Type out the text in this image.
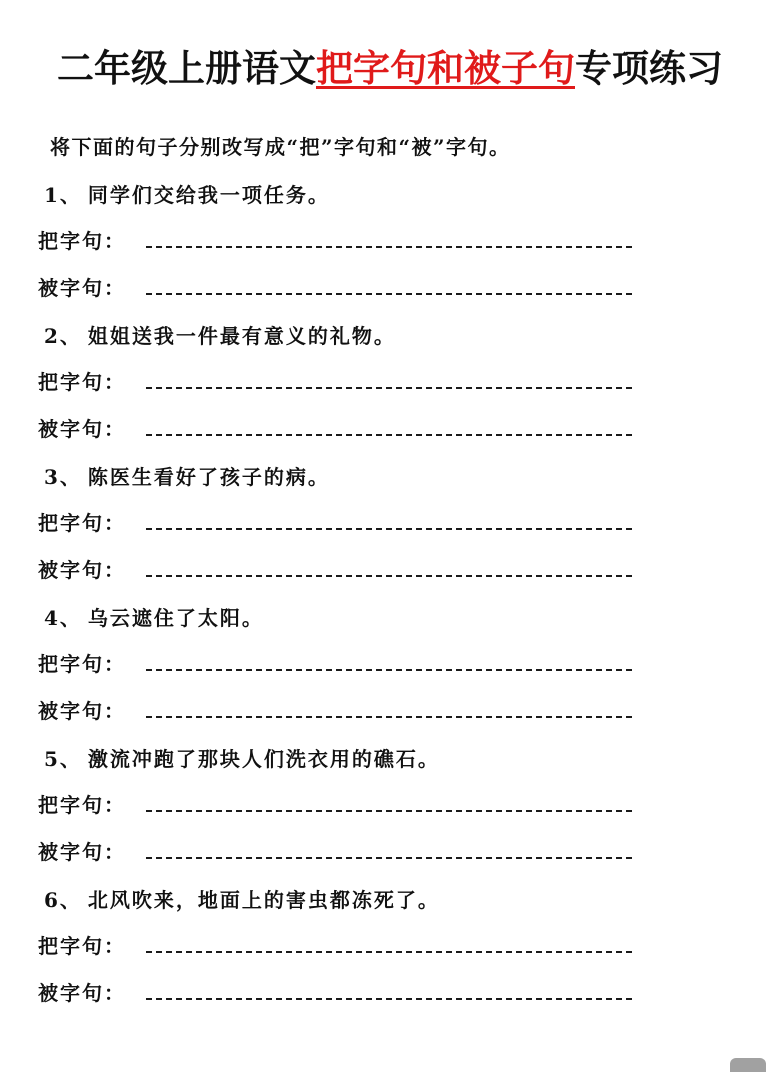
二年级上册语文把字句和被子句专项练习
将下面的句子分别改写成“把”字句和“被”字句。
1、 同学们交给我一项任务。
把字句：
被字句：
2、 姐姐送我一件最有意义的礼物。
把字句：
被字句：
3、 陈医生看好了孩子的病。
把字句：
被字句：
4、 乌云遮住了太阳。
把字句：
被字句：
5、 激流冲跑了那块人们洗衣用的礁石。
把字句：
被字句：
6、 北风吹来，地面上的害虫都冻死了。
把字句：
被字句：
